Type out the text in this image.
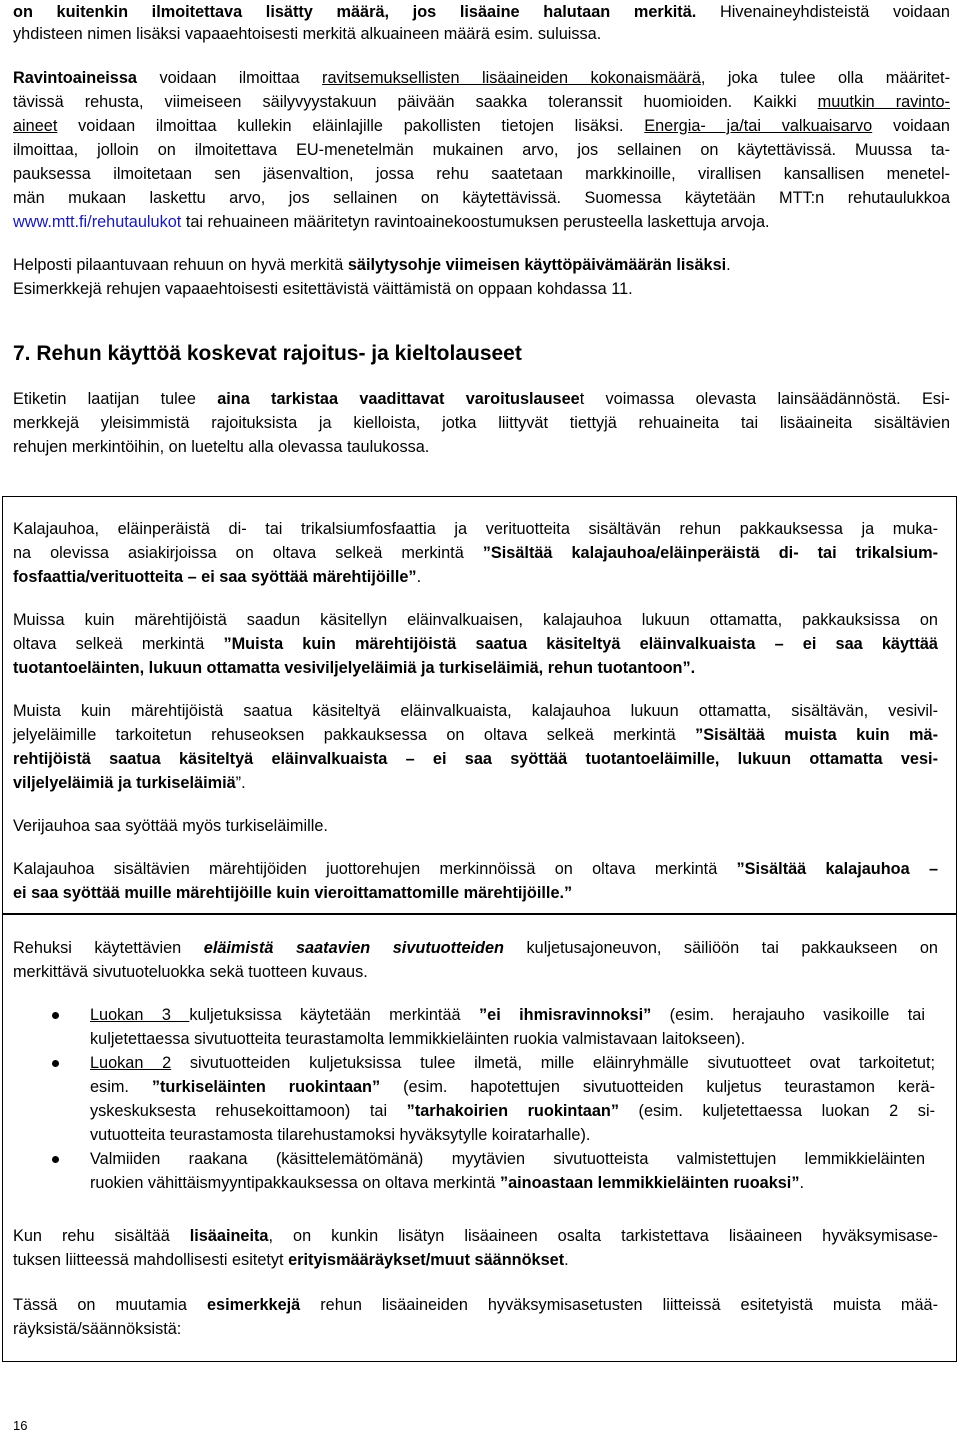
on kuitenkin ilmoitettava lisätty määrä, jos lisäaine halutaan merkitä. Hivenaineyhdisteistä voidaan
yhdisteen nimen lisäksi vapaaehtoisesti merkitä alkuaineen määrä esim. suluissa.
Ravintoaineissa voidaan ilmoittaa ravitsemuksellisten lisäaineiden kokonaismäärä, joka tulee olla määritet-
tävissä rehusta, viimeiseen säilyvyystakuun päivään saakka toleranssit huomioiden. Kaikki muutkin ravinto-
aineet voidaan ilmoittaa kullekin eläinlajille pakollisten tietojen lisäksi. Energia- ja/tai valkuaisarvo voidaan
ilmoittaa, jolloin on ilmoitettava EU-menetelmän mukainen arvo, jos sellainen on käytettävissä. Muussa ta-
pauksessa ilmoitetaan sen jäsenvaltion, jossa rehu saatetaan markkinoille, virallisen kansallisen menetel-
män mukaan laskettu arvo, jos sellainen on käytettävissä. Suomessa käytetään MTT:n rehutaulukkoa
www.mtt.fi/rehutaulukot tai rehuaineen määritetyn ravintoainekoostumuksen perusteella laskettuja arvoja.
Helposti pilaantuvaan rehuun on hyvä merkitä säilytysohje viimeisen käyttöpäivämäärän lisäksi.
Esimerkkejä rehujen vapaaehtoisesti esitettävistä väittämistä on oppaan kohdassa 11.
7. Rehun käyttöä koskevat rajoitus- ja kieltolauseet
Etiketin laatijan tulee aina tarkistaa vaadittavat varoituslauseet voimassa olevasta lainsäädännöstä. Esi-
merkkejä yleisimmistä rajoituksista ja kielloista, jotka liittyvät tiettyjä rehuaineita tai lisäaineita sisältävien
rehujen merkintöihin, on lueteltu alla olevassa taulukossa.
Kalajauhoa, eläinperäistä di- tai trikalsiumfosfaattia ja verituotteita sisältävän rehun pakkauksessa ja muka-
na olevissa asiakirjoissa on oltava selkeä merkintä ”Sisältää kalajauhoa/eläinperäistä di- tai trikalsium-
fosfaattia/verituotteita – ei saa syöttää märehtijöille”.
Muissa kuin märehtijöistä saadun käsitellyn eläinvalkuaisen, kalajauhoa lukuun ottamatta, pakkauksissa on
oltava selkeä merkintä ”Muista kuin märehtijöistä saatua käsiteltyä eläinvalkuaista – ei saa käyttää
tuotantoeläinten, lukuun ottamatta vesiviljelyeläimiä ja turkiseläimiä, rehun tuotantoon”.
Muista kuin märehtijöistä saatua käsiteltyä eläinvalkuaista, kalajauhoa lukuun ottamatta, sisältävän, vesivil-
jelyeläimille tarkoitetun rehuseoksen pakkauksessa on oltava selkeä merkintä ”Sisältää muista kuin mä-
rehtijöistä saatua käsiteltyä eläinvalkuaista – ei saa syöttää tuotantoeläimille, lukuun ottamatta vesi-
viljelyeläimiä ja turkiseläimiä”.
Verijauhoa saa syöttää myös turkiseläimille.
Kalajauhoa sisältävien märehtijöiden juottorehujen merkinnöissä on oltava merkintä ”Sisältää kalajauhoa –
ei saa syöttää muille märehtijöille kuin vieroittamattomille märehtijöille.”
Rehuksi käytettävien eläimistä saatavien sivutuotteiden kuljetusajoneuvon, säiliöön tai pakkaukseen on
merkittävä sivutuoteluokka sekä tuotteen kuvaus.
Luokan 3 kuljetuksissa käytetään merkintää ”ei ihmisravinnoksi” (esim. herajauho vasikoille tai
kuljetettaessa sivutuotteita teurastamolta lemmikkieläinten ruokia valmistavaan laitokseen).
Luokan 2 sivutuotteiden kuljetuksissa tulee ilmetä, mille eläinryhmälle sivutuotteet ovat tarkoitetut;
esim. ”turkiseläinten ruokintaan” (esim. hapotettujen sivutuotteiden kuljetus teurastamon kerä-
yskeskuksesta rehusekoittamoon) tai ”tarhakoirien ruokintaan” (esim. kuljetettaessa luokan 2 si-
vutuotteita teurastamosta tilarehustamoksi hyväksytylle koiratarhalle).
Valmiiden raakana (käsittelemätömänä) myytävien sivutuotteista valmistettujen lemmikkieläinten
ruokien vähittäismyyntipakkauksessa on oltava merkintä ”ainoastaan lemmikkieläinten ruoaksi”.
Kun rehu sisältää lisäaineita, on kunkin lisätyn lisäaineen osalta tarkistettava lisäaineen hyväksymisase-
tuksen liitteessä mahdollisesti esitetyt erityismääräykset/muut säännökset.
Tässä on muutamia esimerkkejä rehun lisäaineiden hyväksymisasetusten liitteissä esitetyistä muista mää-
räyksistä/säännöksistä:
16
